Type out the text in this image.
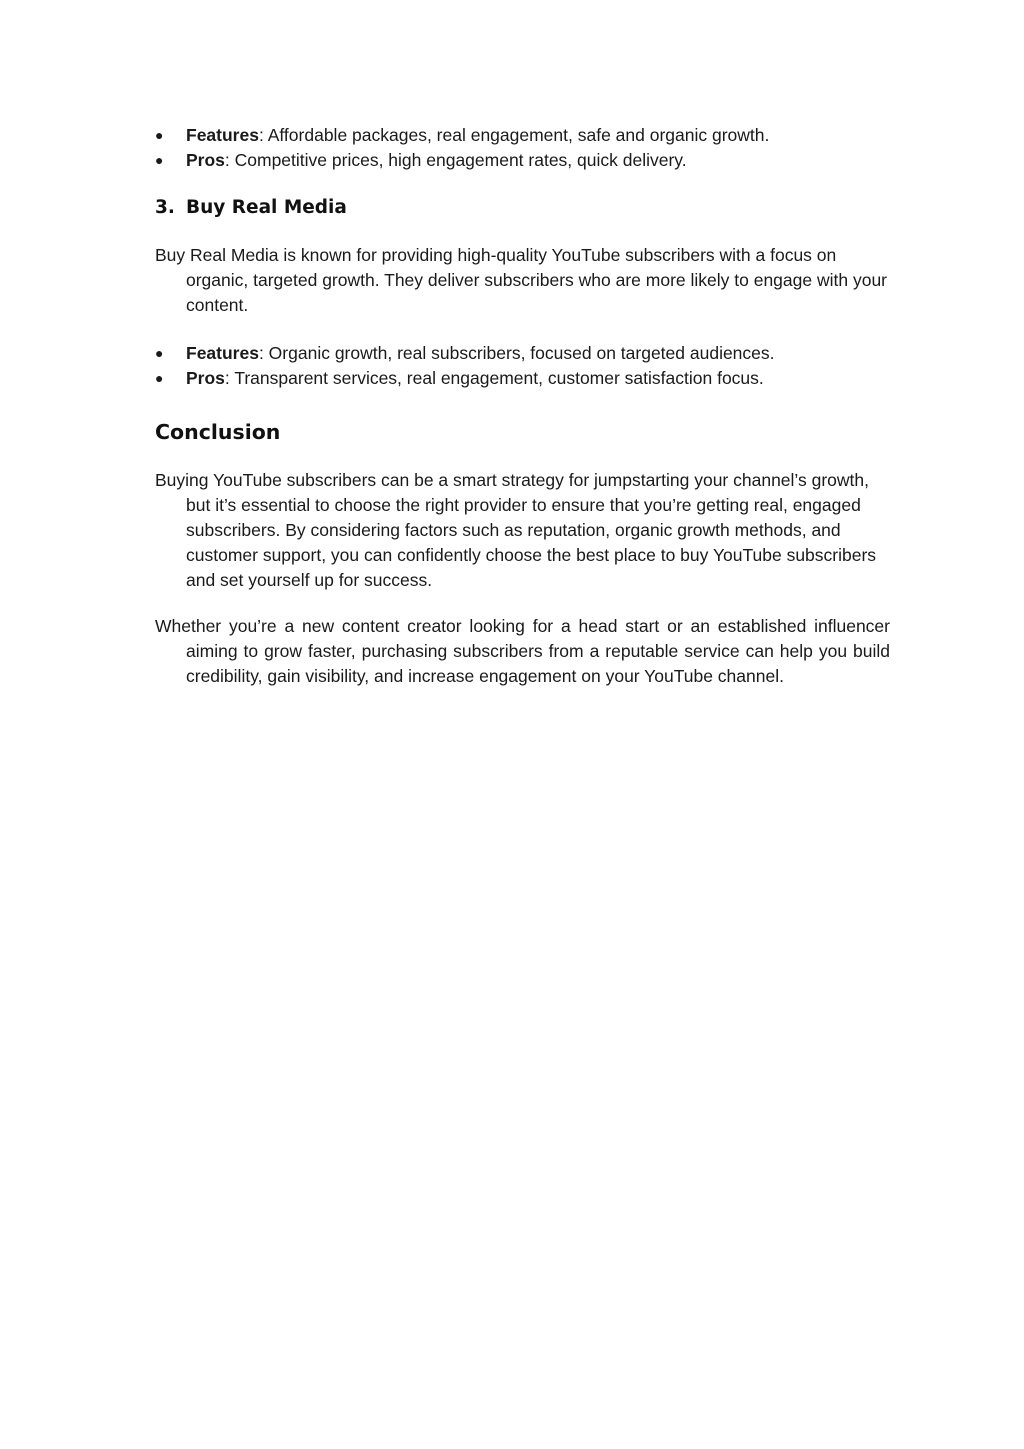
● Features: Affordable packages, real engagement, safe and organic growth.
● Pros: Competitive prices, high engagement rates, quick delivery.
3. Buy Real Media

Buy Real Media is known for providing high-quality YouTube subscribers with a focus on organic, targeted growth. They deliver subscribers who are more likely to engage with your content.

● Features: Organic growth, real subscribers, focused on targeted audiences.
● Pros: Transparent services, real engagement, customer satisfaction focus.
Conclusion

Buying YouTube subscribers can be a smart strategy for jumpstarting your channel’s growth, but it’s essential to choose the right provider to ensure that you’re getting real, engaged subscribers. By considering factors such as reputation, organic growth methods, and customer support, you can confidently choose the best place to buy YouTube subscribers and set yourself up for success.

Whether you’re a new content creator looking for a head start or an established influencer aiming to grow faster, purchasing subscribers from a reputable service can help you build credibility, gain visibility, and increase engagement on your YouTube channel.
